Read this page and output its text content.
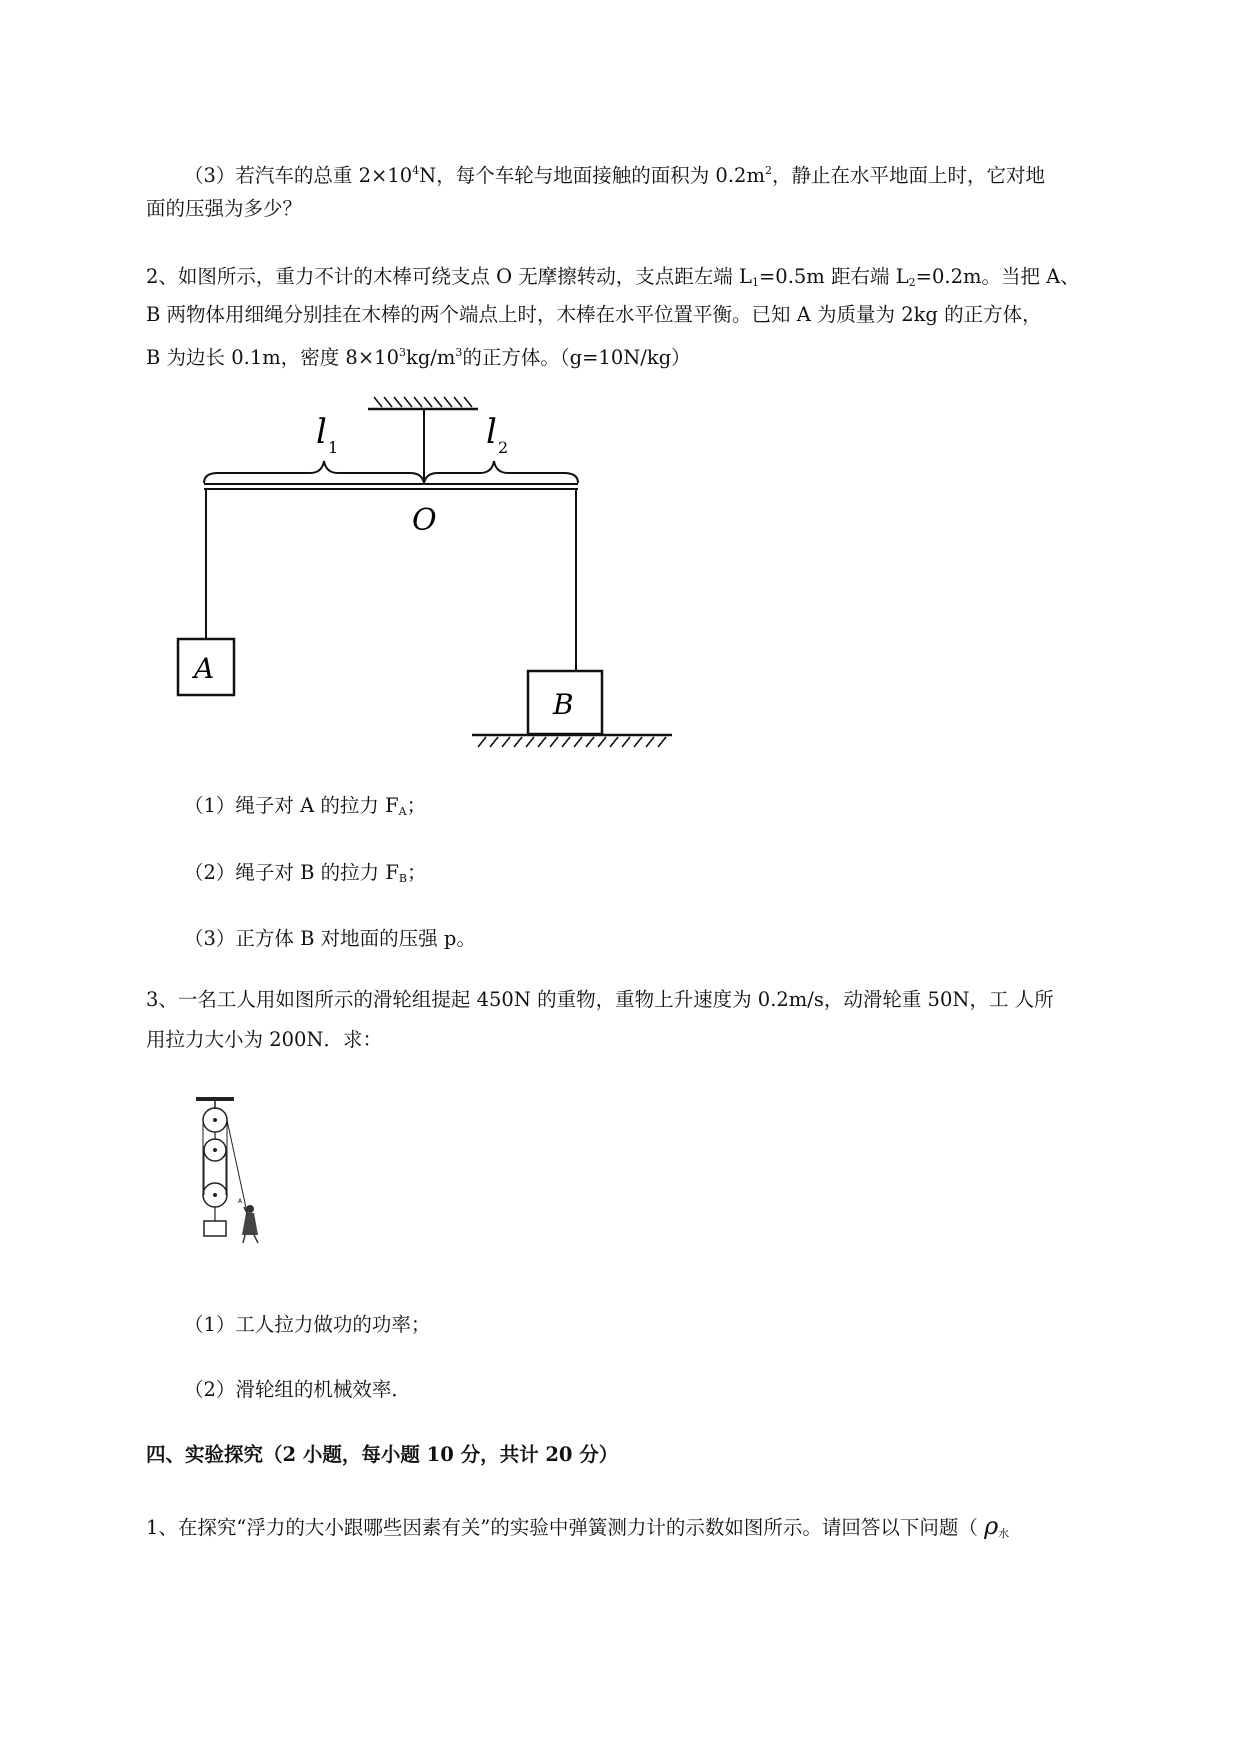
（3）若汽车的总重 $2\times 10^4N$，每个车轮与地面接触的面积为 $0.2m^2$，静止在水平地面上时，它对地
面的压强为多少？
2、如图所示，重力不计的木棒可绕支点 O 无摩擦转动，支点距左端 $L_1=0.5m$ 距右端 $L_2=0.2m$。当把 A、
B 两物体用细绳分别挂在木棒的两个端点上时，木棒在水平位置平衡。已知 A 为质量为 2kg 的正方体，
B 为边长 0.1m，密度 $8\times 10^3kg/m^3$的正方体。（g=10N/kg）
l 1	l 2
O
A
B
（1）绳子对 A 的拉力 $F_A$；
（2）绳子对 B 的拉力 $F_B$；
（3）正方体 B 对地面的压强 p。
3、一名工人用如图所示的滑轮组提起 450N 的重物，重物上升速度为 0.2m/s，动滑轮重 50N，工 人所
用拉力大小为 200N．求：
A
（1）工人拉力做功的功率；
（2）滑轮组的机械效率．
四、实验探究（2 小题，每小题 10 分，共计 20 分）
1、在探究“浮力的大小跟哪些因素有关”的实验中弹簧测力计的示数如图所示。请回答以下问题（ $\rho_水$
